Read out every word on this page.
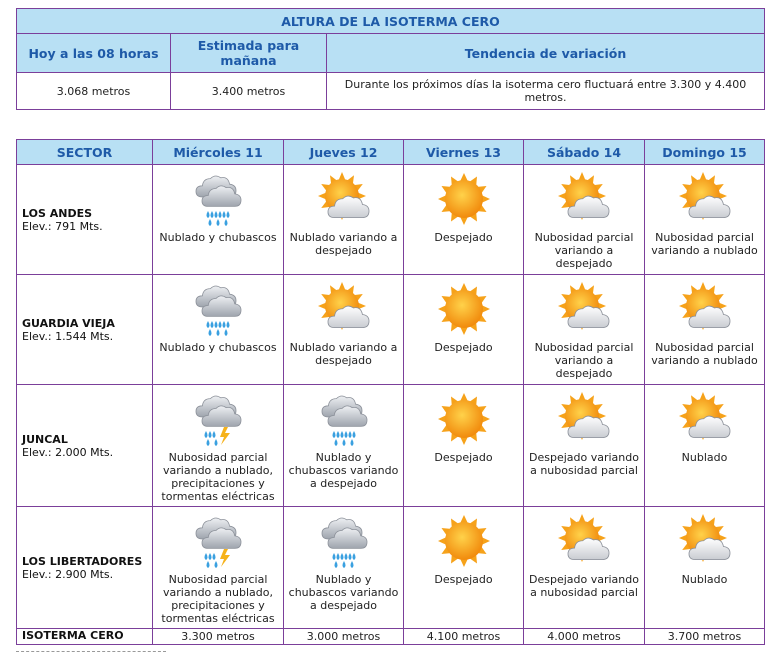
ALTURA DE LA ISOTERMA CERO		
Hoy a las 08 horas	Estimada para mañana	Tendencia de variación
3.068 metros	3.400 metros	Durante los próximos días la isoterma cero fluctuará entre 3.300 y 4.400 metros.
SECTOR	Miércoles 11	Jueves 12	Viernes 13	Sábado 14	Domingo 15

LOS ANDES
Elev.: 791 Mts.	Nublado y chubascos	Nublado variando a despejado	Despejado	Nubosidad parcial variando a despejado	Nubosidad parcial variando a nublado

GUARDIA VIEJA
Elev.: 1.544 Mts.	Nublado y chubascos	Nublado variando a despejado	Despejado	Nubosidad parcial variando a despejado	Nubosidad parcial variando a nublado

JUNCAL
Elev.: 2.000 Mts.	Nubosidad parcial variando a nublado, precipitaciones y tormentas eléctricas	Nublado y chubascos variando a despejado	Despejado	Despejado variando a nubosidad parcial	Nublado

LOS LIBERTADORES
Elev.: 2.900 Mts.	Nubosidad parcial variando a nublado, precipitaciones y tormentas eléctricas	Nublado y chubascos variando a despejado	Despejado	Despejado variando a nubosidad parcial	Nublado

ISOTERMA CERO	3.300 metros	3.000 metros	4.100 metros	4.000 metros	3.700 metros
